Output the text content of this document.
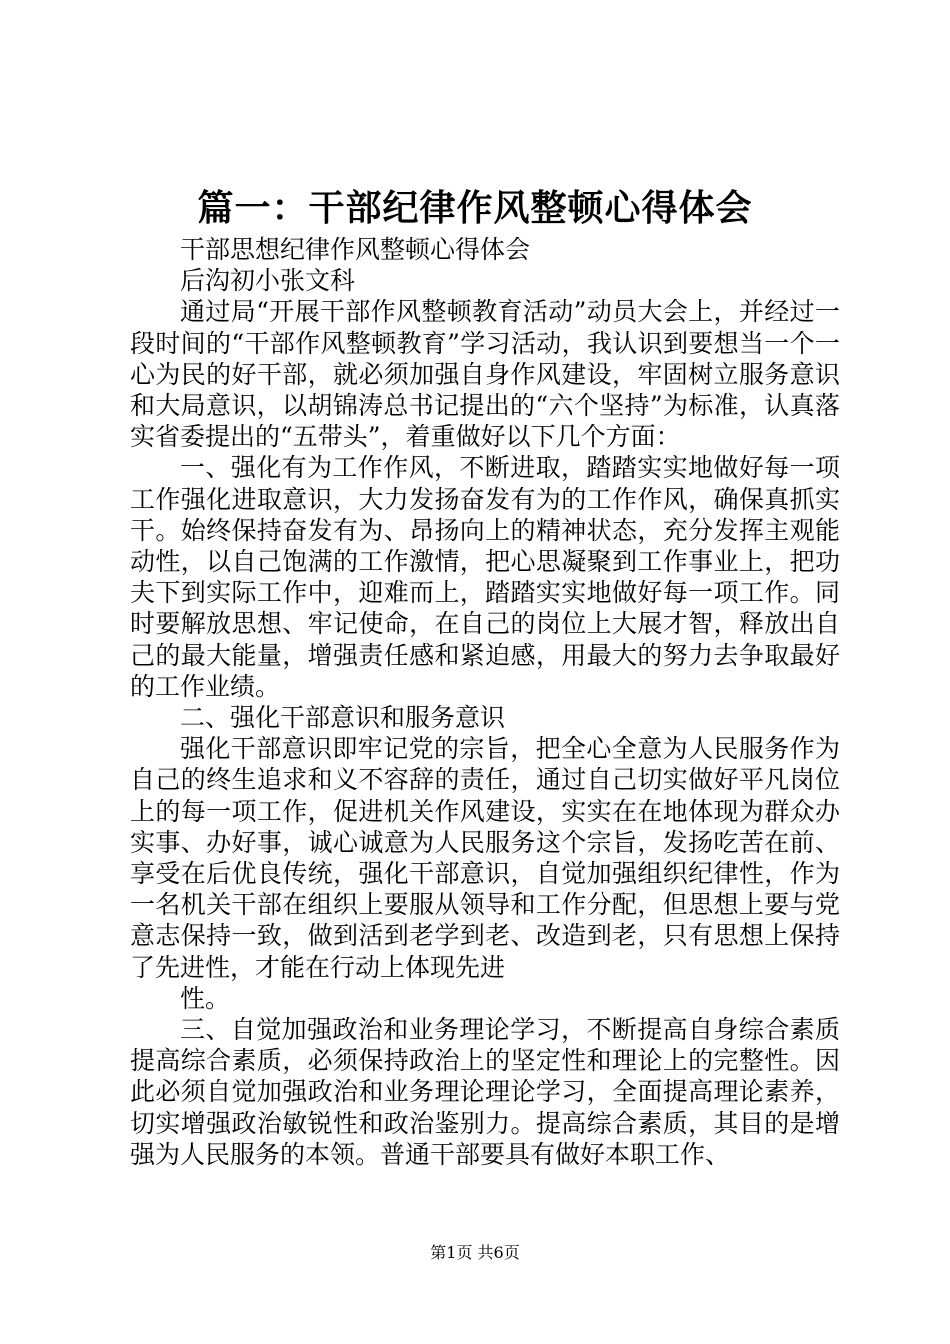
篇一：干部纪律作风整顿心得体会

干部思想纪律作风整顿心得体会

后沟初小张文科

通过局“开展干部作风整顿教育活动”动员大会上，并经过一段时间的“干部作风整顿教育”学习活动，我认识到要想当一个一心为民的好干部，就必须加强自身作风建设，牢固树立服务意识和大局意识，以胡锦涛总书记提出的“六个坚持”为标准，认真落实省委提出的“五带头”，着重做好以下几个方面：

一、强化有为工作作风，不断进取，踏踏实实地做好每一项工作强化进取意识，大力发扬奋发有为的工作作风，确保真抓实干。始终保持奋发有为、昂扬向上的精神状态，充分发挥主观能动性，以自己饱满的工作激情，把心思凝聚到工作事业上，把功夫下到实际工作中，迎难而上，踏踏实实地做好每一项工作。同时要解放思想、牢记使命，在自己的岗位上大展才智，释放出自己的最大能量，增强责任感和紧迫感，用最大的努力去争取最好的工作业绩。

二、强化干部意识和服务意识

强化干部意识即牢记党的宗旨，把全心全意为人民服务作为自己的终生追求和义不容辞的责任，通过自己切实做好平凡岗位上的每一项工作，促进机关作风建设，实实在在地体现为群众办实事、办好事，诚心诚意为人民服务这个宗旨，发扬吃苦在前、享受在后优良传统，强化干部意识，自觉加强组织纪律性，作为一名机关干部在组织上要服从领导和工作分配，但思想上要与党意志保持一致，做到活到老学到老、改造到老，只有思想上保持了先进性，才能在行动上体现先进

性。

三、自觉加强政治和业务理论学习，不断提高自身综合素质提高综合素质，必须保持政治上的坚定性和理论上的完整性。因此必须自觉加强政治和业务理论理论学习，全面提高理论素养，切实增强政治敏锐性和政治鉴别力。提高综合素质，其目的是增强为人民服务的本领。普通干部要具有做好本职工作、

第1页 共6页
